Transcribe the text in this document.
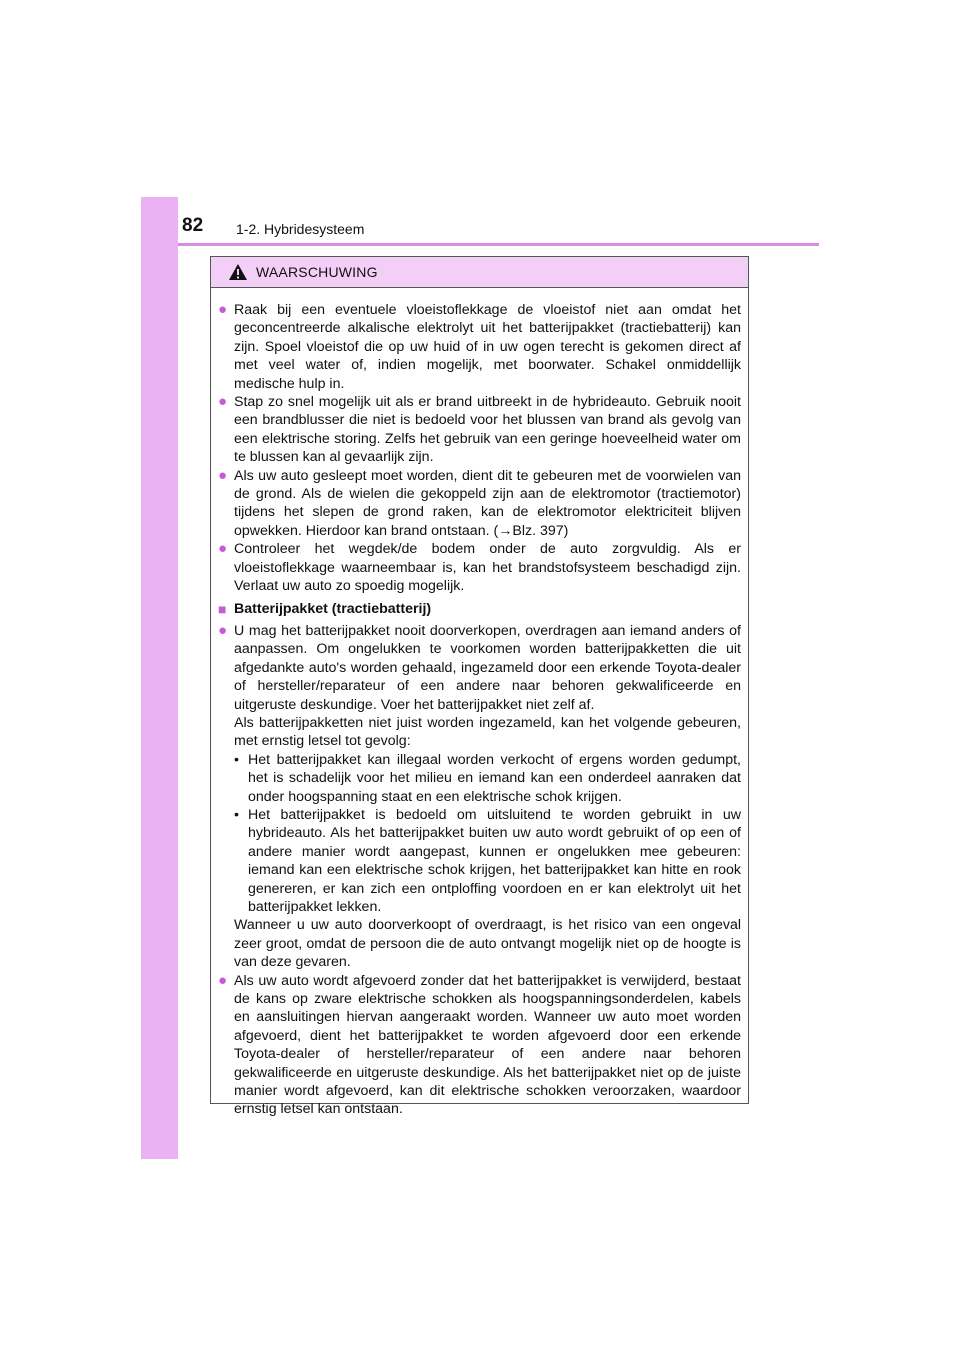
82 1-2. Hybridesysteem
WAARSCHUWING
● Raak bij een eventuele vloeistoflekkage de vloeistof niet aan omdat het geconcentreerde alkalische elektrolyt uit het batterijpakket (tractiebatterij) kan zijn. Spoel vloeistof die op uw huid of in uw ogen terecht is gekomen direct af met veel water of, indien mogelijk, met boorwater. Schakel onmiddellijk medische hulp in.
● Stap zo snel mogelijk uit als er brand uitbreekt in de hybrideauto. Gebruik nooit een brandblusser die niet is bedoeld voor het blussen van brand als gevolg van een elektrische storing. Zelfs het gebruik van een geringe hoeveelheid water om te blussen kan al gevaarlijk zijn.
● Als uw auto gesleept moet worden, dient dit te gebeuren met de voorwielen van de grond. Als de wielen die gekoppeld zijn aan de elektromotor (tractiemotor) tijdens het slepen de grond raken, kan de elektromotor elektriciteit blijven opwekken. Hierdoor kan brand ontstaan. (→Blz. 397)
● Controleer het wegdek/de bodem onder de auto zorgvuldig. Als er vloeistoflekkage waarneembaar is, kan het brandstofsysteem beschadigd zijn. Verlaat uw auto zo spoedig mogelijk.
■ Batterijpakket (tractiebatterij)
● U mag het batterijpakket nooit doorverkopen, overdragen aan iemand anders of aanpassen. Om ongelukken te voorkomen worden batterijpakketten die uit afgedankte auto's worden gehaald, ingezameld door een erkende Toyota-dealer of hersteller/reparateur of een andere naar behoren gekwalificeerde en uitgeruste deskundige. Voer het batterijpakket niet zelf af.
Als batterijpakketten niet juist worden ingezameld, kan het volgende gebeuren, met ernstig letsel tot gevolg:
• Het batterijpakket kan illegaal worden verkocht of ergens worden gedumpt, het is schadelijk voor het milieu en iemand kan een onderdeel aanraken dat onder hoogspanning staat en een elektrische schok krijgen.
• Het batterijpakket is bedoeld om uitsluitend te worden gebruikt in uw hybrideauto. Als het batterijpakket buiten uw auto wordt gebruikt of op een of andere manier wordt aangepast, kunnen er ongelukken mee gebeuren: iemand kan een elektrische schok krijgen, het batterijpakket kan hitte en rook genereren, er kan zich een ontploffing voordoen en er kan elektrolyt uit het batterijpakket lekken.
Wanneer u uw auto doorverkoopt of overdraagt, is het risico van een ongeval zeer groot, omdat de persoon die de auto ontvangt mogelijk niet op de hoogte is van deze gevaren.
● Als uw auto wordt afgevoerd zonder dat het batterijpakket is verwijderd, bestaat de kans op zware elektrische schokken als hoogspanningsonderdelen, kabels en aansluitingen hiervan aangeraakt worden. Wanneer uw auto moet worden afgevoerd, dient het batterijpakket te worden afgevoerd door een erkende Toyota-dealer of hersteller/reparateur of een andere naar behoren gekwalificeerde en uitgeruste deskundige. Als het batterijpakket niet op de juiste manier wordt afgevoerd, kan dit elektrische schokken veroorzaken, waardoor ernstig letsel kan ontstaan.
